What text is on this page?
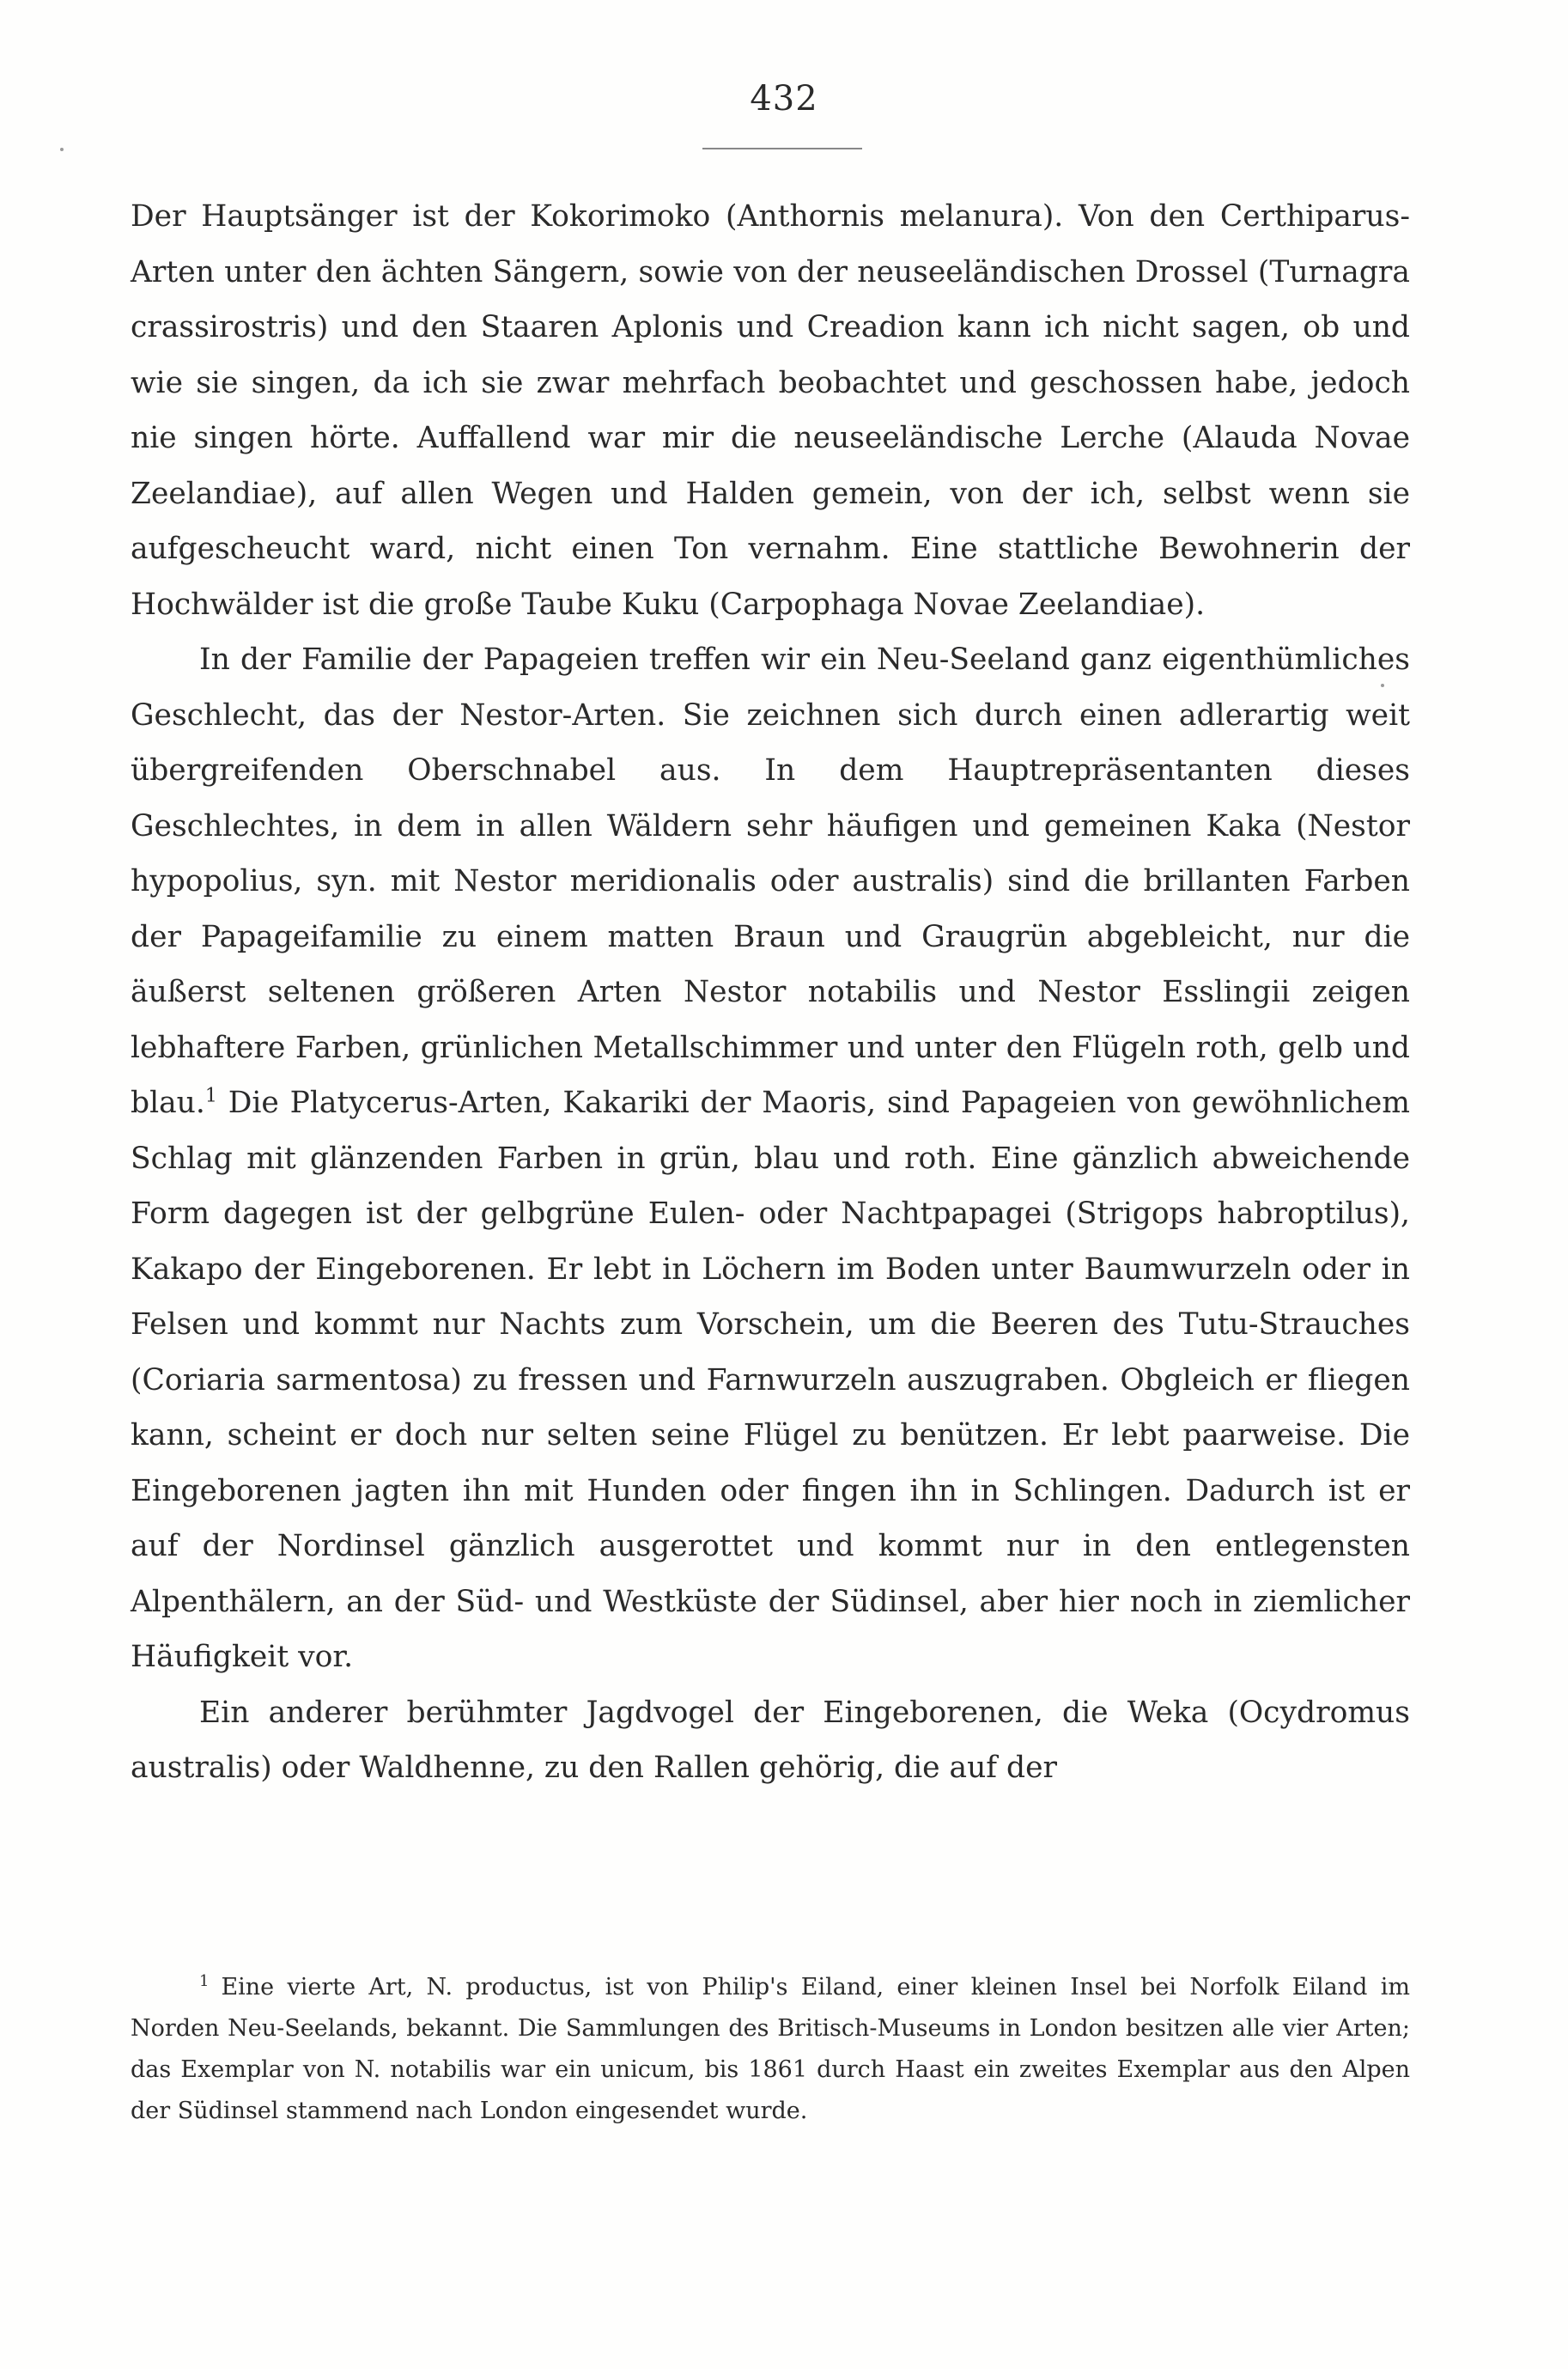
432

Der Hauptsänger ist der Kokorimoko (Anthornis melanura). Von den Certhiparus-Arten unter den ächten Sängern, sowie von der neuseeländischen Drossel (Turnagra crassirostris) und den Staaren Aplonis und Creadion kann ich nicht sagen, ob und wie sie singen, da ich sie zwar mehrfach beobachtet und geschossen habe, jedoch nie singen hörte. Auffallend war mir die neuseeländische Lerche (Alauda Novae Zeelandiae), auf allen Wegen und Halden gemein, von der ich, selbst wenn sie aufgescheucht ward, nicht einen Ton vernahm. Eine stattliche Bewohnerin der Hochwälder ist die große Taube Kuku (Carpophaga Novae Zeelandiae).

In der Familie der Papageien treffen wir ein Neu-Seeland ganz eigenthümliches Geschlecht, das der Nestor-Arten. Sie zeichnen sich durch einen adlerartig weit übergreifenden Oberschnabel aus. In dem Hauptrepräsentanten dieses Geschlechtes, in dem in allen Wäldern sehr häufigen und gemeinen Kaka (Nestor hypopolius, syn. mit Nestor meridionalis oder australis) sind die brillanten Farben der Papageifamilie zu einem matten Braun und Graugrün abgebleicht, nur die äußerst seltenen größeren Arten Nestor notabilis und Nestor Esslingii zeigen lebhaftere Farben, grünlichen Metallschimmer und unter den Flügeln roth, gelb und blau.$^1$ Die Platycerus-Arten, Kakariki der Maoris, sind Papageien von gewöhnlichem Schlag mit glänzenden Farben in grün, blau und roth. Eine gänzlich abweichende Form dagegen ist der gelbgrüne Eulen- oder Nachtpapagei (Strigops habroptilus), Kakapo der Eingeborenen. Er lebt in Löchern im Boden unter Baumwurzeln oder in Felsen und kommt nur Nachts zum Vorschein, um die Beeren des Tutu-Strauches (Coriaria sarmentosa) zu fressen und Farnwurzeln auszugraben. Obgleich er fliegen kann, scheint er doch nur selten seine Flügel zu benützen. Er lebt paarweise. Die Eingeborenen jagten ihn mit Hunden oder fingen ihn in Schlingen. Dadurch ist er auf der Nordinsel gänzlich ausgerottet und kommt nur in den entlegensten Alpenthälern, an der Süd- und Westküste der Südinsel, aber hier noch in ziemlicher Häufigkeit vor.

Ein anderer berühmter Jagdvogel der Eingeborenen, die Weka (Ocydromus australis) oder Waldhenne, zu den Rallen gehörig, die auf der

$^1$ Eine vierte Art, N. productus, ist von Philip's Eiland, einer kleinen Insel bei Norfolk Eiland im Norden Neu-Seelands, bekannt. Die Sammlungen des Britisch-Museums in London besitzen alle vier Arten; das Exemplar von N. notabilis war ein unicum, bis 1861 durch Haast ein zweites Exemplar aus den Alpen der Südinsel stammend nach London eingesendet wurde.
